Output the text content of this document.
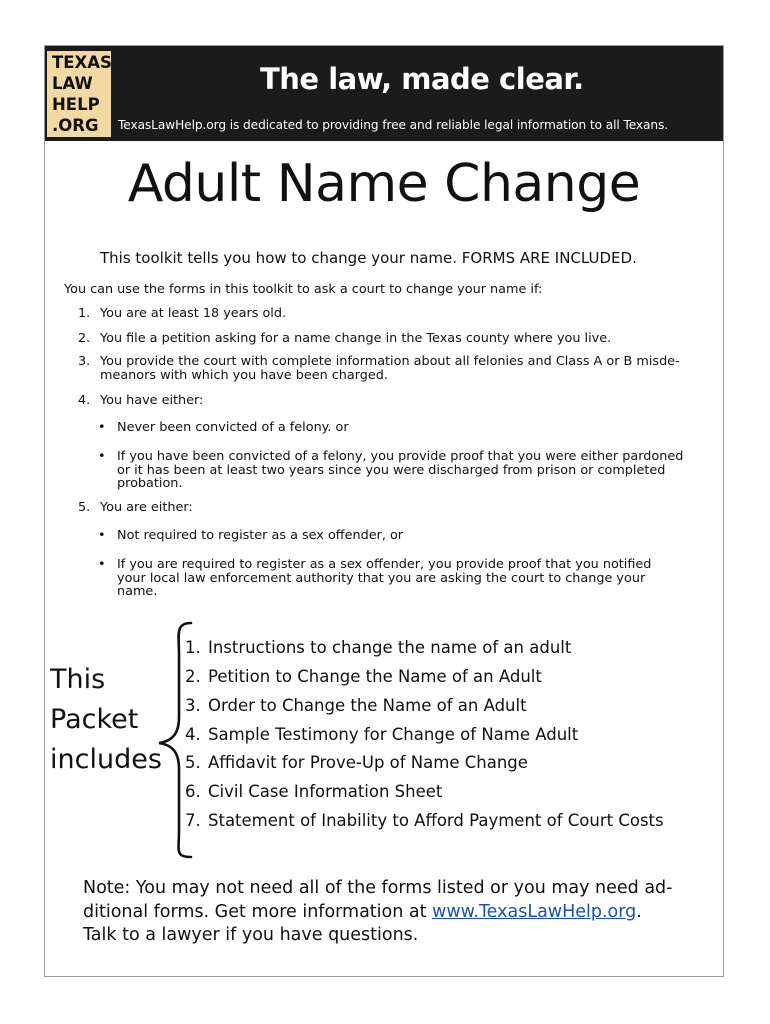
TEXAS
LAW
HELP
.ORG
The law, made clear.
TexasLawHelp.org is dedicated to providing free and reliable legal information to all Texans.
Adult Name Change
This toolkit tells you how to change your name. FORMS ARE INCLUDED.
You can use the forms in this toolkit to ask a court to change your name if:
1. You are at least 18 years old.
2. You file a petition asking for a name change in the Texas county where you live.
3. You provide the court with complete information about all felonies and Class A or B misde-
meanors with which you have been charged.
4. You have either:
• Never been convicted of a felony. or
• If you have been convicted of a felony, you provide proof that you were either pardoned
or it has been at least two years since you were discharged from prison or completed
probation.
5. You are either:
• Not required to register as a sex offender, or
• If you are required to register as a sex offender, you provide proof that you notified
your local law enforcement authority that you are asking the court to change your
name.
This
Packet
includes
1. Instructions to change the name of an adult
2. Petition to Change the Name of an Adult
3. Order to Change the Name of an Adult
4. Sample Testimony for Change of Name Adult
5. Affidavit for Prove-Up of Name Change
6. Civil Case Information Sheet
7. Statement of Inability to Afford Payment of Court Costs
Note: You may not need all of the forms listed or you may need ad-
ditional forms. Get more information at www.TexasLawHelp.org.
Talk to a lawyer if you have questions.
